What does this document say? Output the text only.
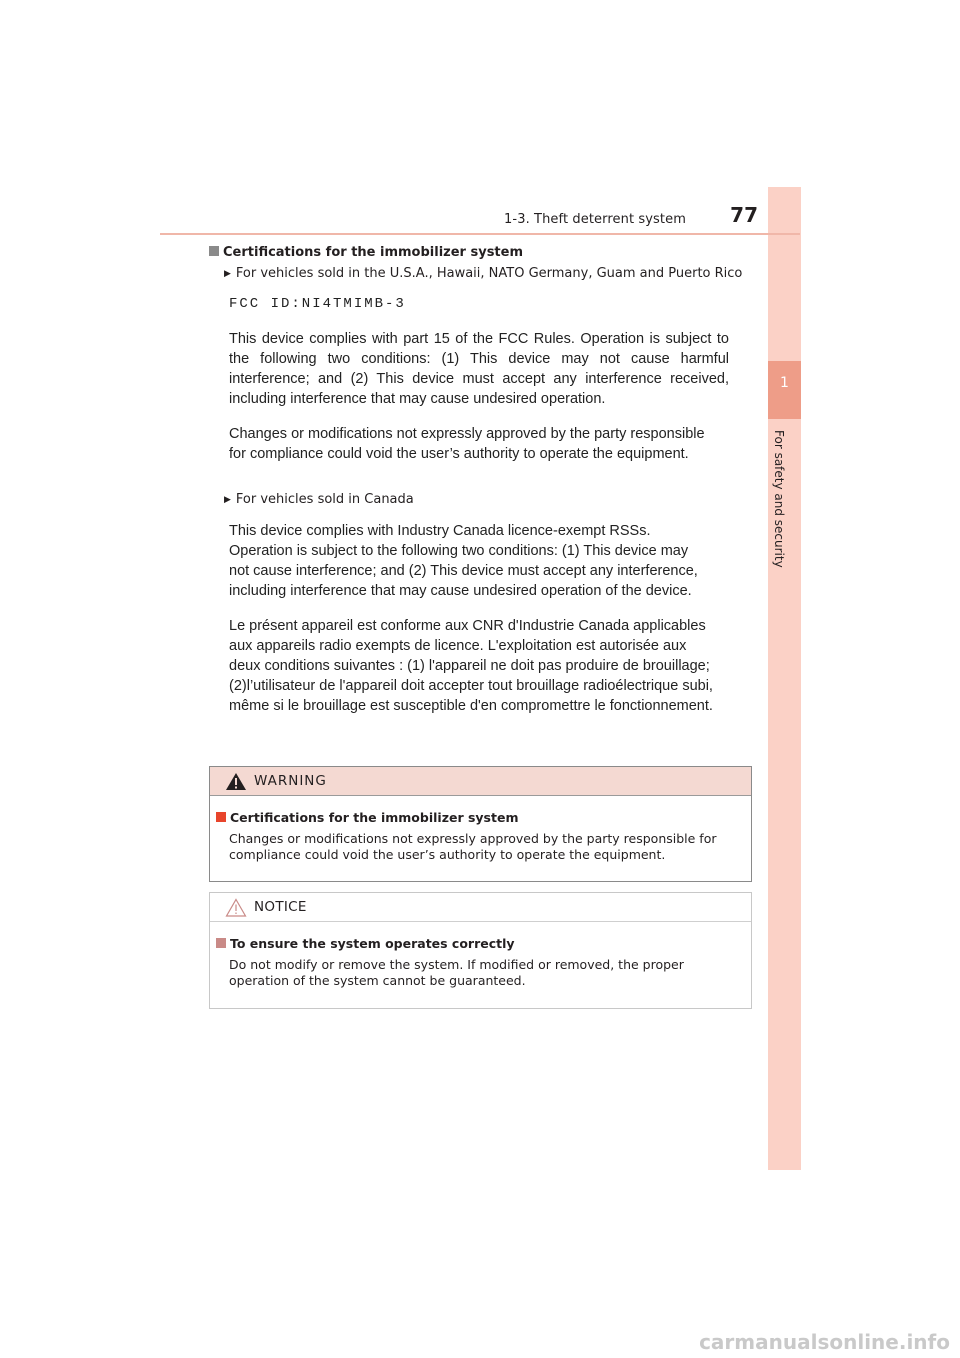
1
For safety and security
1-3. Theft deterrent system 77
Certifications for the immobilizer system
▶ For vehicles sold in the U.S.A., Hawaii, NATO Germany, Guam and Puerto Rico

FCC ID:NI4TMIMB-3

This device complies with part 15 of the FCC Rules. Operation is subject to the following two conditions: (1) This device may not cause harmful interference; and (2) This device must accept any interference received, including interference that may cause undesired operation.

Changes or modifications not expressly approved by the party responsible for compliance could void the user’s authority to operate the equipment.

▶ For vehicles sold in Canada

This device complies with Industry Canada licence-exempt RSSs. Operation is subject to the following two conditions: (1) This device may not cause interference; and (2) This device must accept any interference, including interference that may cause undesired operation of the device.

Le présent appareil est conforme aux CNR d'Industrie Canada applicables aux appareils radio exempts de licence. L'exploitation est autorisée aux deux conditions suivantes : (1) l'appareil ne doit pas produire de brouillage; (2)l’utilisateur de l'appareil doit accepter tout brouillage radioélectrique subi, même si le brouillage est susceptible d'en compromettre le fonctionnement.

WARNING
Certifications for the immobilizer system
Changes or modifications not expressly approved by the party responsible for compliance could void the user’s authority to operate the equipment.
NOTICE
To ensure the system operates correctly
Do not modify or remove the system. If modified or removed, the proper operation of the system cannot be guaranteed.
carmanualsonline.info
